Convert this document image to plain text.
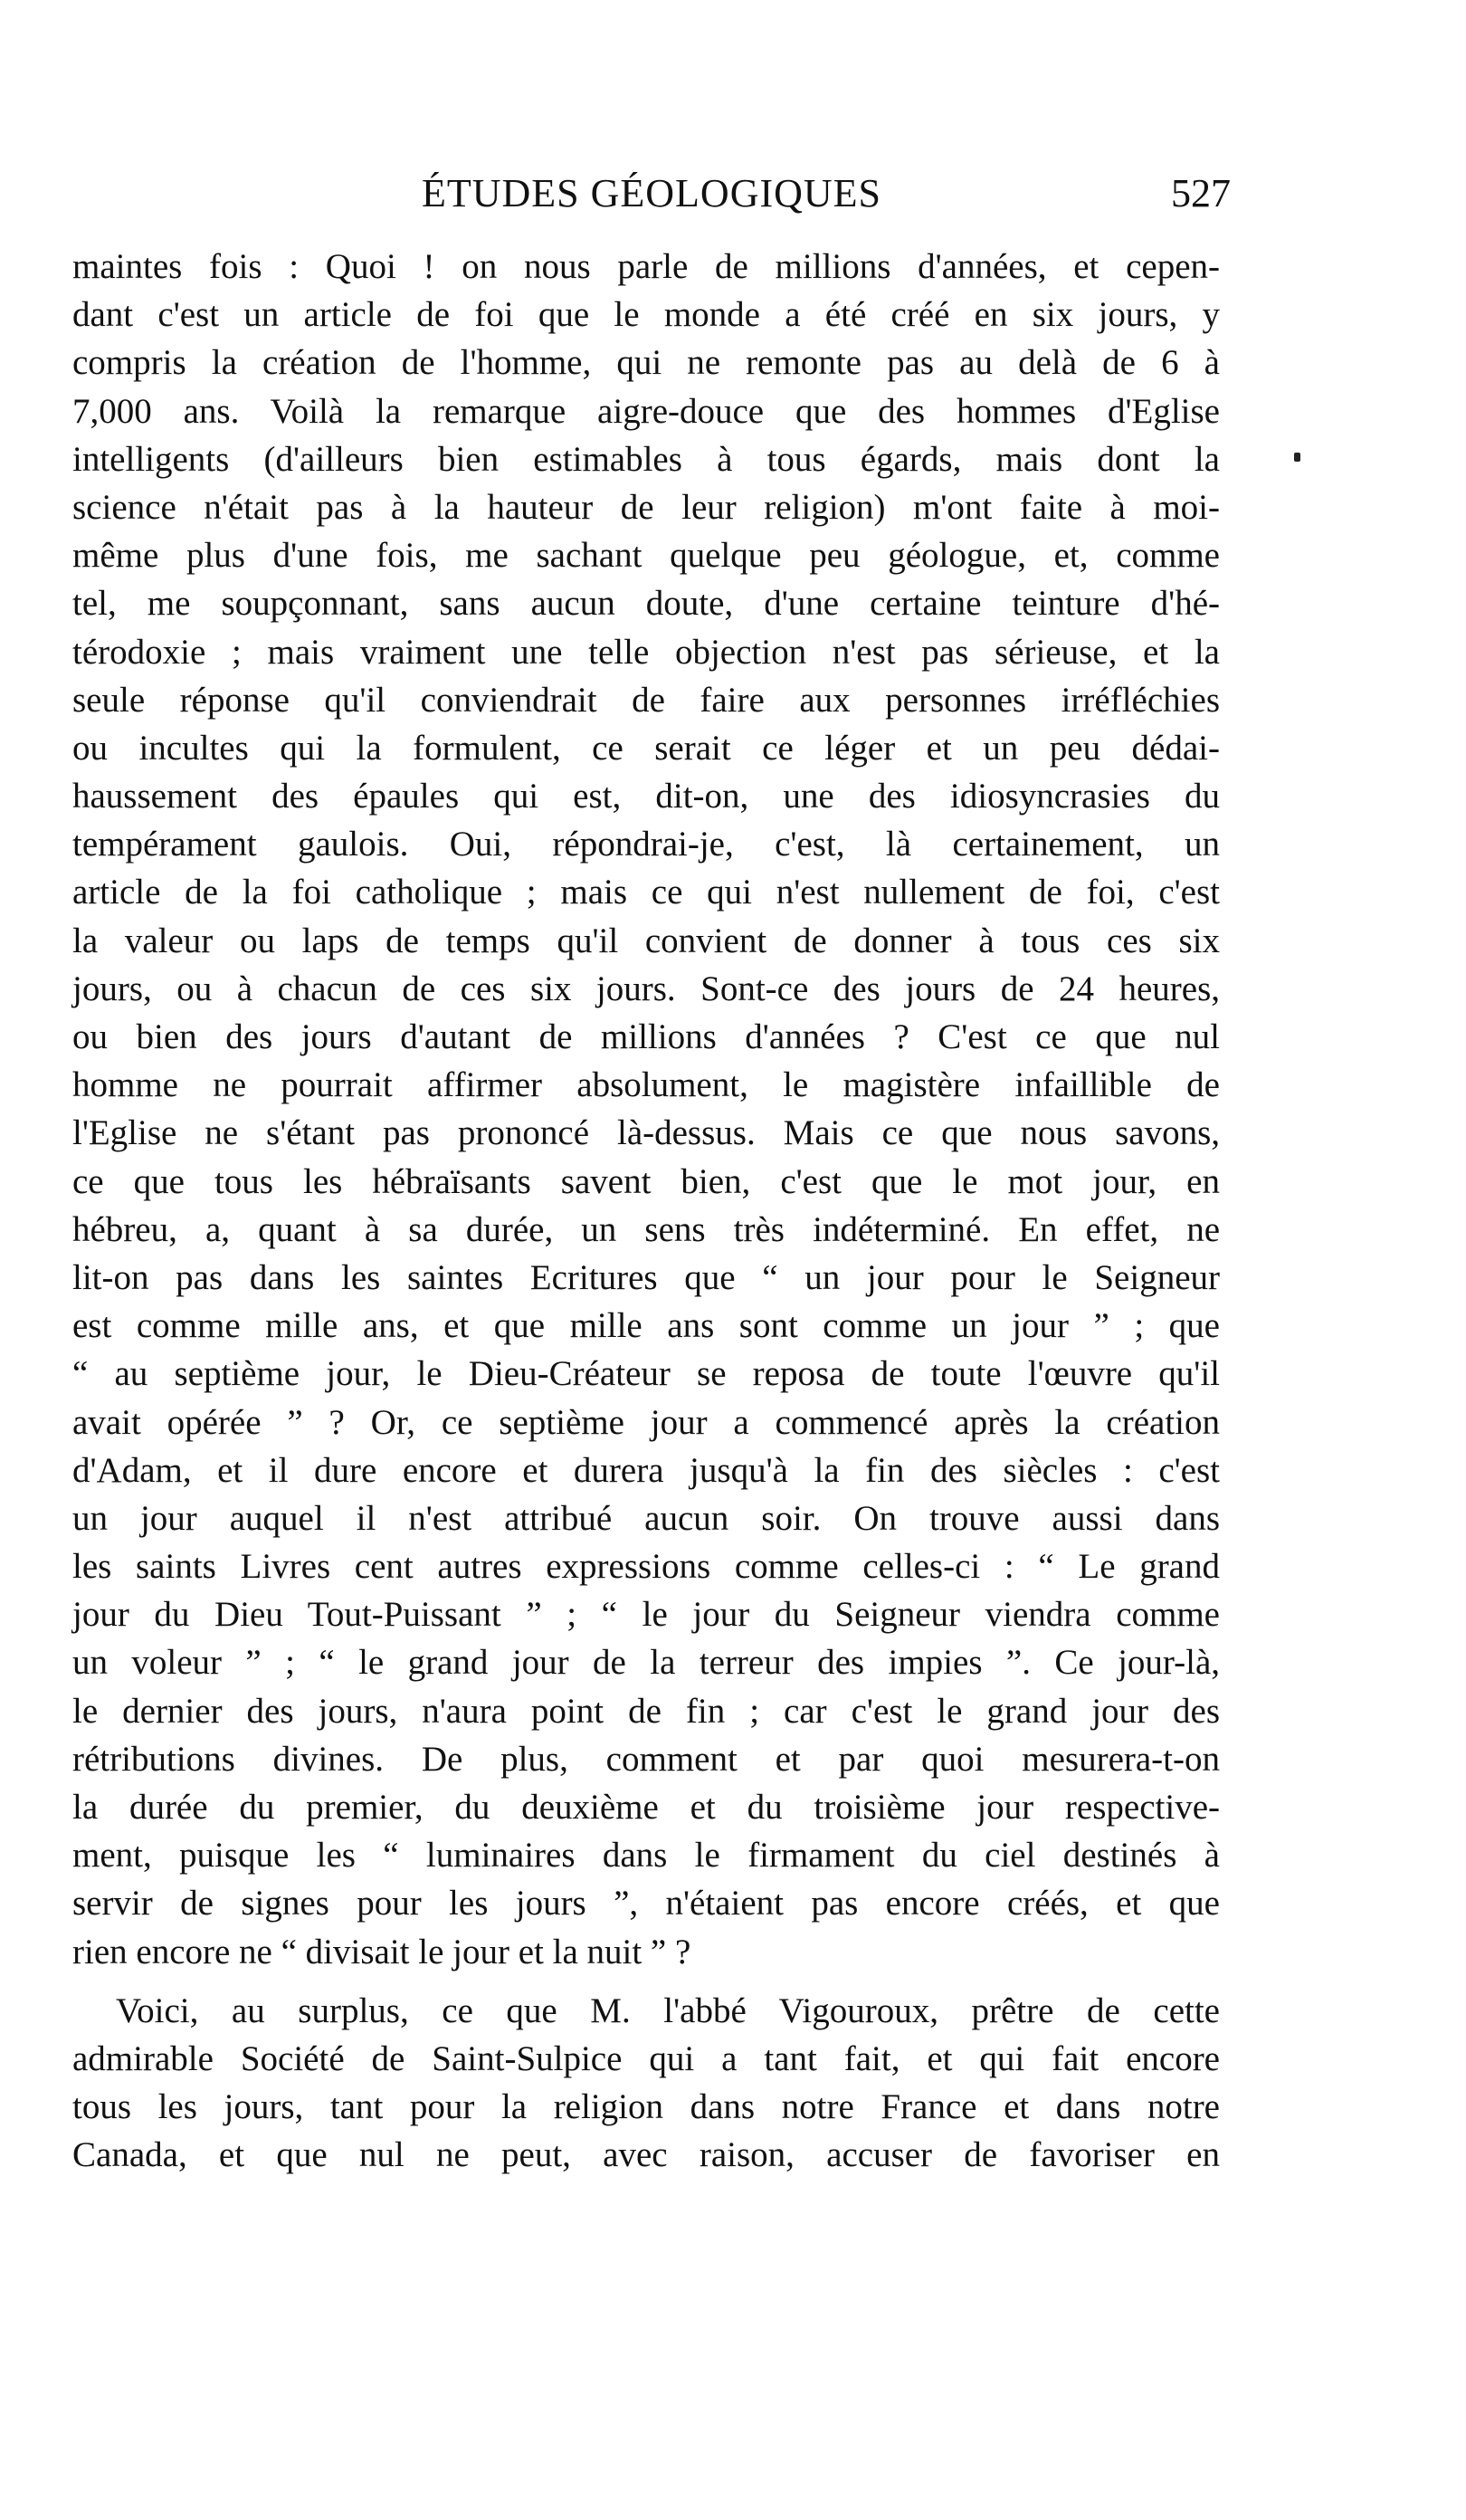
ÉTUDES GÉOLOGIQUES	527
maintes fois : Quoi ! on nous parle de millions d'années, et cepen-
dant c'est un article de foi que le monde a été créé en six jours, y
compris la création de l'homme, qui ne remonte pas au delà de 6 à
7,000 ans. Voilà la remarque aigre-douce que des hommes d'Eglise
intelligents (d'ailleurs bien estimables à tous égards, mais dont la
science n'était pas à la hauteur de leur religion) m'ont faite à moi-
même plus d'une fois, me sachant quelque peu géologue, et, comme
tel, me soupçonnant, sans aucun doute, d'une certaine teinture d'hé-
térodoxie ; mais vraiment une telle objection n'est pas sérieuse, et la
seule réponse qu'il conviendrait de faire aux personnes irréfléchies
ou incultes qui la formulent, ce serait ce léger et un peu dédai-
haussement des épaules qui est, dit-on, une des idiosyncrasies du
tempérament gaulois. Oui, répondrai-je, c'est, là certainement, un
article de la foi catholique ; mais ce qui n'est nullement de foi, c'est
la valeur ou laps de temps qu'il convient de donner à tous ces six
jours, ou à chacun de ces six jours. Sont-ce des jours de 24 heures,
ou bien des jours d'autant de millions d'années ? C'est ce que nul
homme ne pourrait affirmer absolument, le magistère infaillible de
l'Eglise ne s'étant pas prononcé là-dessus. Mais ce que nous savons,
ce que tous les hébraïsants savent bien, c'est que le mot jour, en
hébreu, a, quant à sa durée, un sens très indéterminé. En effet, ne
lit-on pas dans les saintes Ecritures que “ un jour pour le Seigneur
est comme mille ans, et que mille ans sont comme un jour ” ; que
“ au septième jour, le Dieu-Créateur se reposa de toute l'œuvre qu'il
avait opérée ” ? Or, ce septième jour a commencé après la création
d'Adam, et il dure encore et durera jusqu'à la fin des siècles : c'est
un jour auquel il n'est attribué aucun soir. On trouve aussi dans
les saints Livres cent autres expressions comme celles-ci : “ Le grand
jour du Dieu Tout-Puissant ” ; “ le jour du Seigneur viendra comme
un voleur ” ; “ le grand jour de la terreur des impies ”. Ce jour-là,
le dernier des jours, n'aura point de fin ; car c'est le grand jour des
rétributions divines. De plus, comment et par quoi mesurera-t-on
la durée du premier, du deuxième et du troisième jour respective-
ment, puisque les “ luminaires dans le firmament du ciel destinés à
servir de signes pour les jours ”, n'étaient pas encore créés, et que
rien encore ne “ divisait le jour et la nuit ” ?
Voici, au surplus, ce que M. l'abbé Vigouroux, prêtre de cette
admirable Société de Saint-Sulpice qui a tant fait, et qui fait encore
tous les jours, tant pour la religion dans notre France et dans notre
Canada, et que nul ne peut, avec raison, accuser de favoriser en
